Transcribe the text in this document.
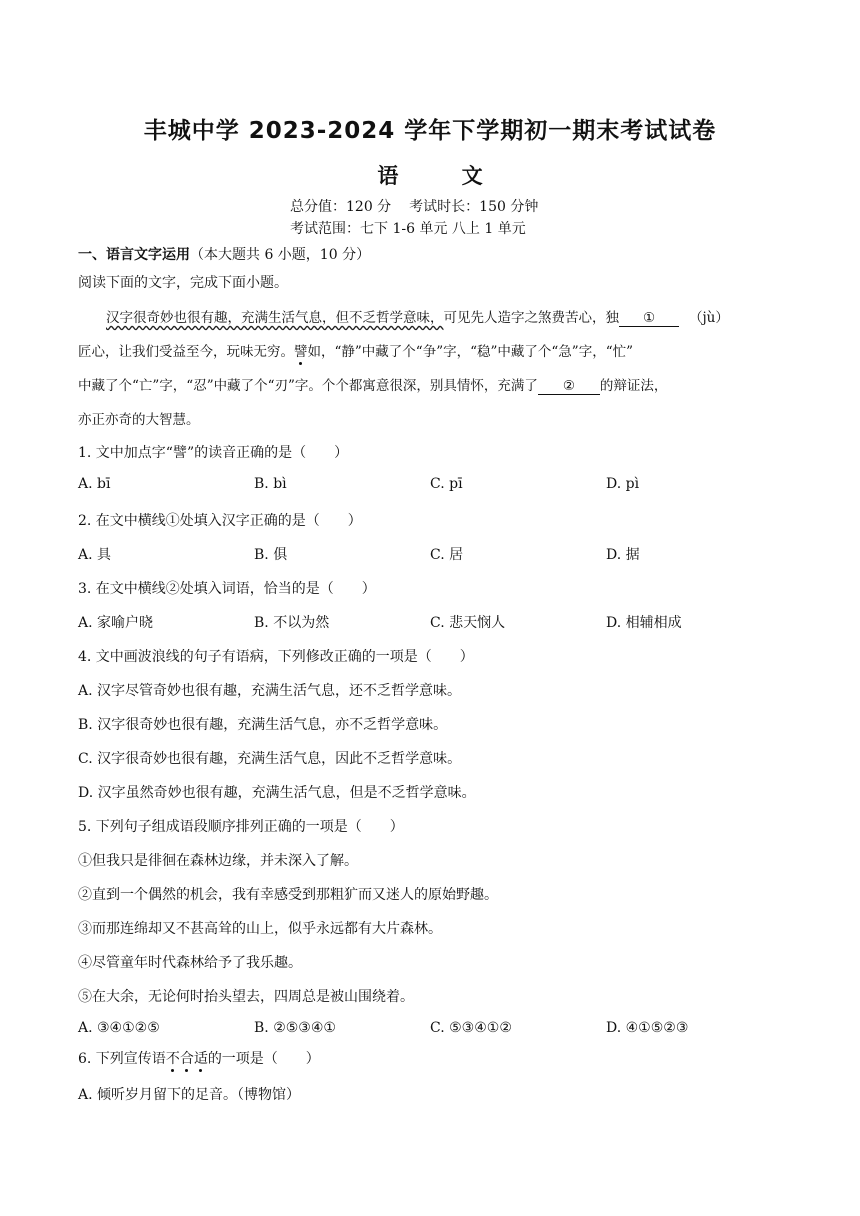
丰城中学 2023-2024 学年下学期初一期末考试试卷
语 文
总分值：120 分 考试时长：150 分钟
考试范围：七下 1-6 单元 八上 1 单元
一、语言文字运用（本大题共 6 小题，10 分）
阅读下面的文字，完成下面小题。
汉字很奇妙也很有趣，充满生活气息，但不乏哲学意味，可见先人造字之煞费苦心，独 ①	（jù）
匠心，让我们受益至今，玩味无穷。譬如，“静”中藏了个“争”字，“稳”中藏了个“急”字，“忙”
中藏了个“亡”字，“忍”中藏了个“刃”字。个个都寓意很深，别具情怀，充满了 ② 的辩证法，
亦正亦奇的大智慧。
1. 文中加点字“譬”的读音正确的是（　　）
A. bī	B. bì	C. pī	D. pì
2. 在文中横线①处填入汉字正确的是（　　）
A. 具	B. 俱	C. 居	D. 据
3. 在文中横线②处填入词语，恰当的是（　　）
A. 家喻户晓	B. 不以为然	C. 悲天悯人	D. 相辅相成
4. 文中画波浪线的句子有语病，下列修改正确的一项是（　　）
A. 汉字尽管奇妙也很有趣，充满生活气息，还不乏哲学意味。
B. 汉字很奇妙也很有趣，充满生活气息，亦不乏哲学意味。
C. 汉字很奇妙也很有趣，充满生活气息，因此不乏哲学意味。
D. 汉字虽然奇妙也很有趣，充满生活气息，但是不乏哲学意味。
5. 下列句子组成语段顺序排列正确的一项是（　　）
①但我只是徘徊在森林边缘，并未深入了解。
②直到一个偶然的机会，我有幸感受到那粗犷而又迷人的原始野趣。
③而那连绵却又不甚高耸的山上，似乎永远都有大片森林。
④尽管童年时代森林给予了我乐趣。
⑤在大余，无论何时抬头望去，四周总是被山围绕着。
A. ③④①②⑤	B. ②⑤③④①	C. ⑤③④①②	D. ④①⑤②③
6. 下列宣传语不合适的一项是（　　）
A. 倾听岁月留下的足音。（博物馆）
